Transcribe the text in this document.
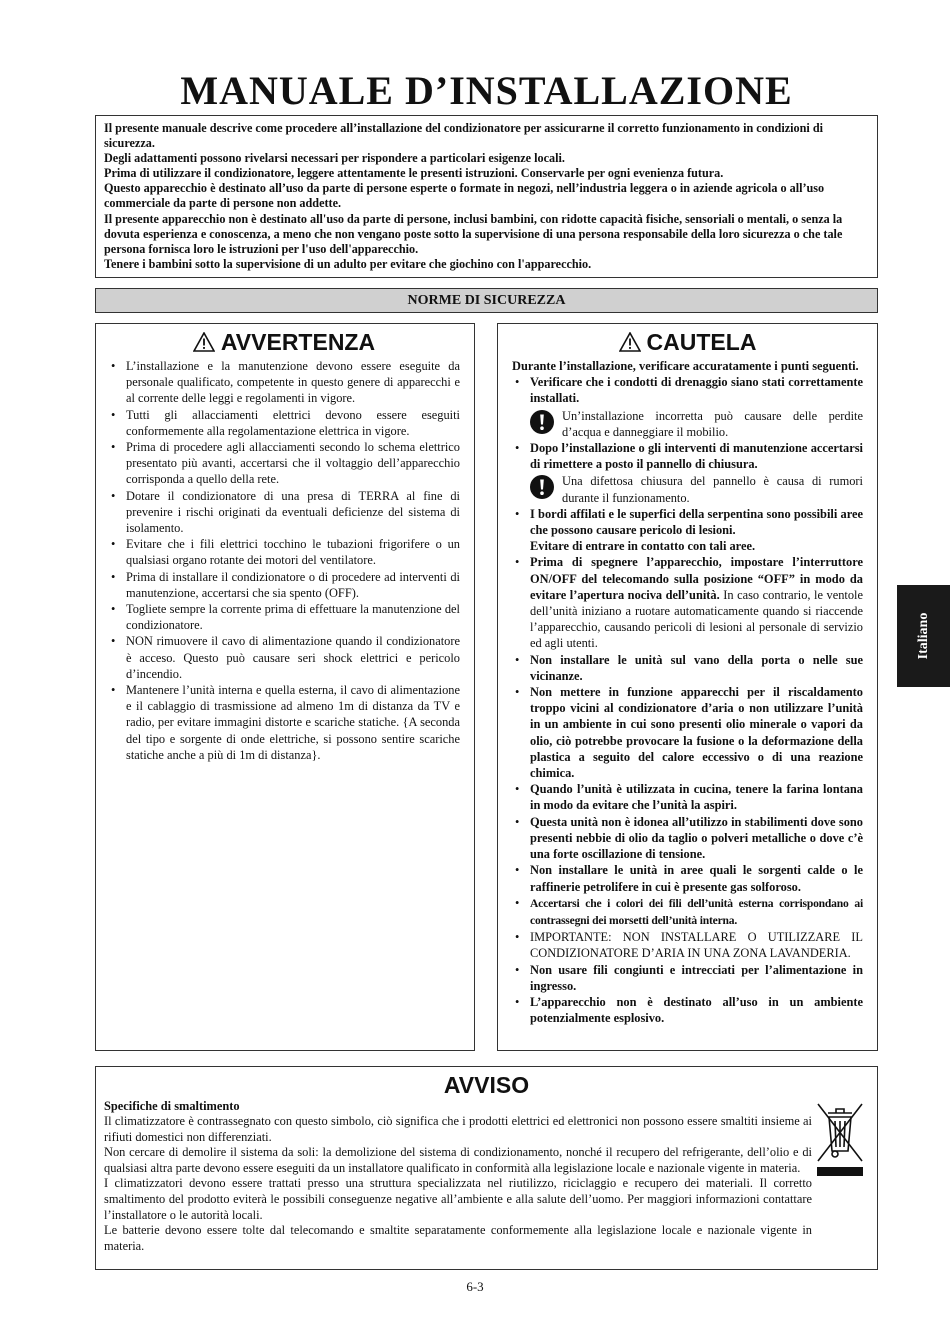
MANUALE D’INSTALLAZIONE

Il presente manuale descrive come procedere all’installazione del condizionatore per assicurarne il corretto funzionamento in condizioni di sicurezza.

Degli adattamenti possono rivelarsi necessari per rispondere a particolari esigenze locali.

Prima di utilizzare il condizionatore, leggere attentamente le presenti istruzioni. Conservarle per ogni evenienza futura.

Questo apparecchio è destinato all’uso da parte di persone esperte o formate in negozi, nell’industria leggera o in aziende agricola o all’uso commerciale da parte di persone non addette.

Il presente apparecchio non è destinato all'uso da parte di persone, inclusi bambini, con ridotte capacità fisiche, sensoriali o mentali, o senza la dovuta esperienza e conoscenza, a meno che non vengano poste sotto la supervisione di una persona responsabile della loro sicurezza o che tale persona fornisca loro le istruzioni per l'uso dell'apparecchio.

Tenere i bambini sotto la supervisione di un adulto per evitare che giochino con l'apparecchio.

NORME DI SICUREZZA
AVVERTENZA
• L’installazione e la manutenzione devono essere eseguite da personale qualificato, competente in questo genere di apparecchi e al corrente delle leggi e regolamenti in vigore.
• Tutti gli allacciamenti elettrici devono essere eseguiti conformemente alla regolamentazione elettrica in vigore.
• Prima di procedere agli allacciamenti secondo lo schema elettrico presentato più avanti, accertarsi che il voltaggio dell’apparecchio corrisponda a quello della rete.
• Dotare il condizionatore di una presa di TERRA al fine di prevenire i rischi originati da eventuali deficienze del sistema di isolamento.
• Evitare che i fili elettrici tocchino le tubazioni frigorifere o un qualsiasi organo rotante dei motori del ventilatore.
• Prima di installare il condizionatore o di procedere ad interventi di manutenzione, accertarsi che sia spento (OFF).
• Togliete sempre la corrente prima di effettuare la manutenzione del condizionatore.
• NON rimuovere il cavo di alimentazione quando il condizionatore è acceso. Questo può causare seri shock elettrici e pericolo d’incendio.
• Mantenere l’unità interna e quella esterna, il cavo di alimentazione e il cablaggio di trasmissione ad almeno 1m di distanza da TV e radio, per evitare immagini distorte e scariche statiche. {A seconda del tipo e sorgente di onde elettriche, si possono sentire scariche statiche anche a più di 1m di distanza}.
CAUTELA

Durante l’installazione, verificare accuratamente i punti seguenti.

• Verificare che i condotti di drenaggio siano stati correttamente installati.
Un’installazione incorretta può causare delle perdite d’acqua e danneggiare il mobilio.
• Dopo l’installazione o gli interventi di manutenzione accertarsi di rimettere a posto il pannello di chiusura.
Una difettosa chiusura del pannello è causa di rumori durante il funzionamento.
• I bordi affilati e le superfici della serpentina sono possibili aree che possono causare pericolo di lesioni.
Evitare di entrare in contatto con tali aree.
• Prima di spegnere l’apparecchio, impostare l’interruttore ON/OFF del telecomando sulla posizione “OFF” in modo da evitare l’apertura nociva dell’unità. In caso contrario, le ventole dell’unità iniziano a ruotare automaticamente quando si riaccende l’apparecchio, causando pericoli di lesioni al personale di servizio ed agli utenti.
• Non installare le unità sul vano della porta o nelle sue vicinanze.
• Non mettere in funzione apparecchi per il riscaldamento troppo vicini al condizionatore d’aria o non utilizzare l’unità in un ambiente in cui sono presenti olio minerale o vapori da olio, ciò potrebbe provocare la fusione o la deformazione della plastica a seguito del calore eccessivo o di una reazione chimica.
• Quando l’unità è utilizzata in cucina, tenere la farina lontana in modo da evitare che l’unità la aspiri.
• Questa unità non è idonea all’utilizzo in stabilimenti dove sono presenti nebbie di olio da taglio o polveri metalliche o dove c’è una forte oscillazione di tensione.
• Non installare le unità in aree quali le sorgenti calde o le raffinerie petrolifere in cui è presente gas solforoso.
• Accertarsi che i colori dei fili dell’unità esterna corrispondano ai contrassegni dei morsetti dell’unità interna.
• IMPORTANTE: NON INSTALLARE O UTILIZZARE IL CONDIZIONATORE D’ARIA IN UNA ZONA LAVANDERIA.
• Non usare fili congiunti e intrecciati per l’alimentazione in ingresso.
• L’apparecchio non è destinato all’uso in un ambiente potenzialmente esplosivo.
AVVISO

Specifiche di smaltimento

Il climatizzatore è contrassegnato con questo simbolo, ciò significa che i prodotti elettrici ed elettronici non possono essere smaltiti insieme ai rifiuti domestici non differenziati.

Non cercare di demolire il sistema da soli: la demolizione del sistema di condizionamento, nonché il recupero del refrigerante, dell’olio e di qualsiasi altra parte devono essere eseguiti da un installatore qualificato in conformità alla legislazione locale e nazionale vigente in materia.

I climatizzatori devono essere trattati presso una struttura specializzata nel riutilizzo, riciclaggio e recupero dei materiali. Il corretto smaltimento del prodotto eviterà le possibili conseguenze negative all’ambiente e alla salute dell’uomo. Per maggiori informazioni contattare l’installatore o le autorità locali.

Le batterie devono essere tolte dal telecomando e smaltite separatamente conformemente alla legislazione locale e nazionale vigente in materia.

Italiano
6-3
